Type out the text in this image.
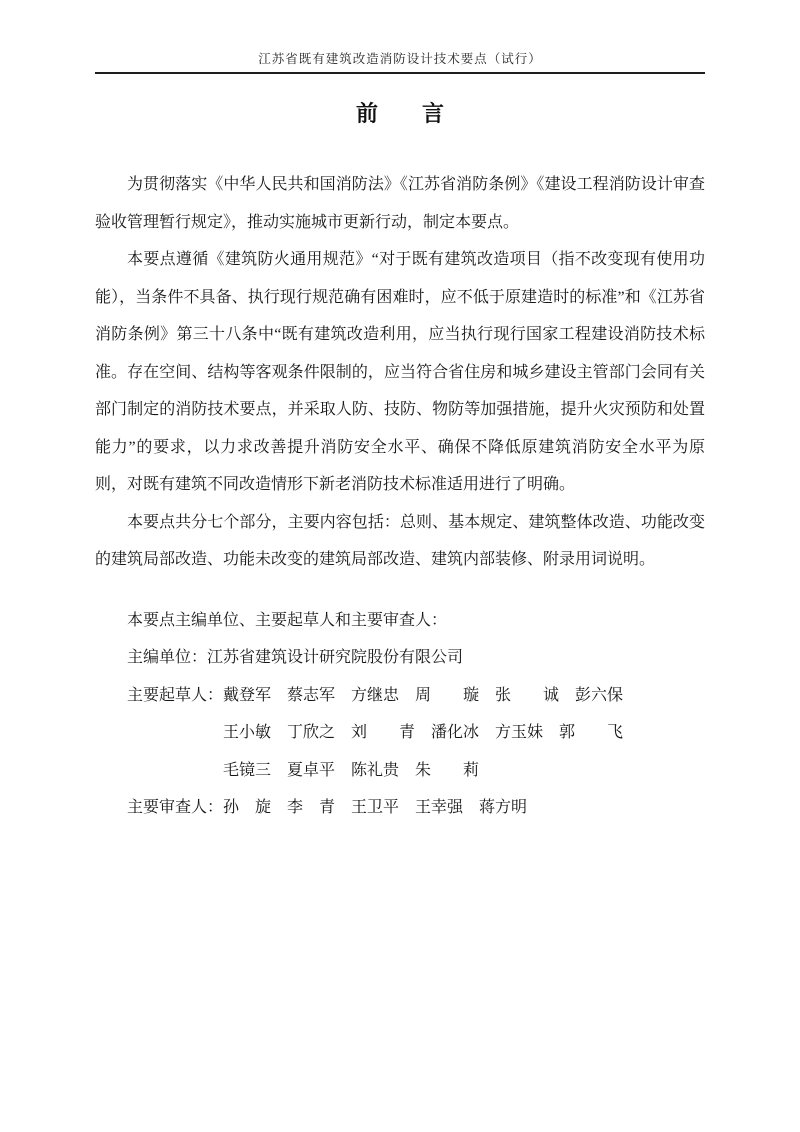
江苏省既有建筑改造消防设计技术要点（试行）
前　　言

为贯彻落实《中华人民共和国消防法》《江苏省消防条例》《建设工程消防设计审查验收管理暂行规定》，推动实施城市更新行动，制定本要点。

本要点遵循《建筑防火通用规范》“对于既有建筑改造项目（指不改变现有使用功能），当条件不具备、执行现行规范确有困难时，应不低于原建造时的标准”和《江苏省消防条例》第三十八条中“既有建筑改造利用，应当执行现行国家工程建设消防技术标准。存在空间、结构等客观条件限制的，应当符合省住房和城乡建设主管部门会同有关部门制定的消防技术要点，并采取人防、技防、物防等加强措施，提升火灾预防和处置能力”的要求，以力求改善提升消防安全水平、确保不降低原建筑消防安全水平为原则，对既有建筑不同改造情形下新老消防技术标准适用进行了明确。

本要点共分七个部分，主要内容包括：总则、基本规定、建筑整体改造、功能改变的建筑局部改造、功能未改变的建筑局部改造、建筑内部装修、附录用词说明。

本要点主编单位、主要起草人和主要审查人：

主编单位： 江苏省建筑设计研究院股份有限公司
主要起草人： 戴登军　蔡志军　方继忠　周　　璇　张　　诚　彭六保
王小敏　丁欣之　刘　　青　潘化冰　方玉妹　郭　　飞
毛镜三　夏卓平　陈礼贵　朱　　莉
主要审查人： 孙　旋　李　青　王卫平　王幸强　蒋方明
